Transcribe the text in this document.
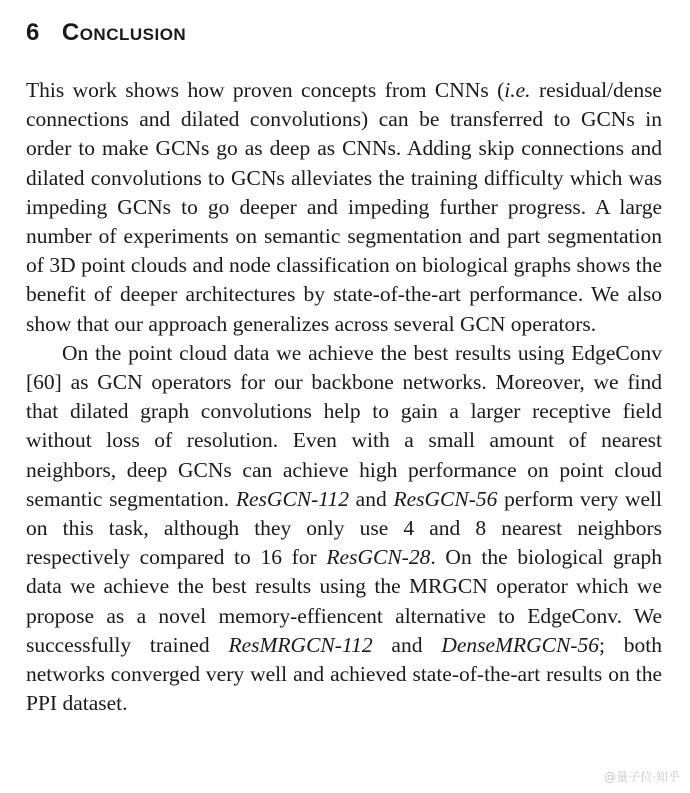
6 Conclusion

This work shows how proven concepts from CNNs (i.e. residual/dense connections and dilated convolutions) can be transferred to GCNs in order to make GCNs go as deep as CNNs. Adding skip connections and dilated convolutions to GCNs alleviates the training difficulty which was impeding GCNs to go deeper and impeding further progress. A large number of experiments on semantic segmentation and part segmentation of 3D point clouds and node classification on biological graphs shows the benefit of deeper architectures by state-of-the-art performance. We also show that our approach generalizes across several GCN operators.

On the point cloud data we achieve the best results using EdgeConv [60] as GCN operators for our backbone networks. Moreover, we find that dilated graph convolutions help to gain a larger receptive field without loss of resolution. Even with a small amount of nearest neighbors, deep GCNs can achieve high performance on point cloud semantic segmentation. ResGCN-112 and ResGCN-56 perform very well on this task, although they only use 4 and 8 nearest neighbors respectively compared to 16 for ResGCN-28. On the biological graph data we achieve the best results using the MRGCN operator which we propose as a novel memory-effiencent alternative to EdgeConv. We successfully trained ResMRGCN-112 and DenseMRGCN-56; both networks converged very well and achieved state-of-the-art results on the PPI dataset.

@量子位·知乎
